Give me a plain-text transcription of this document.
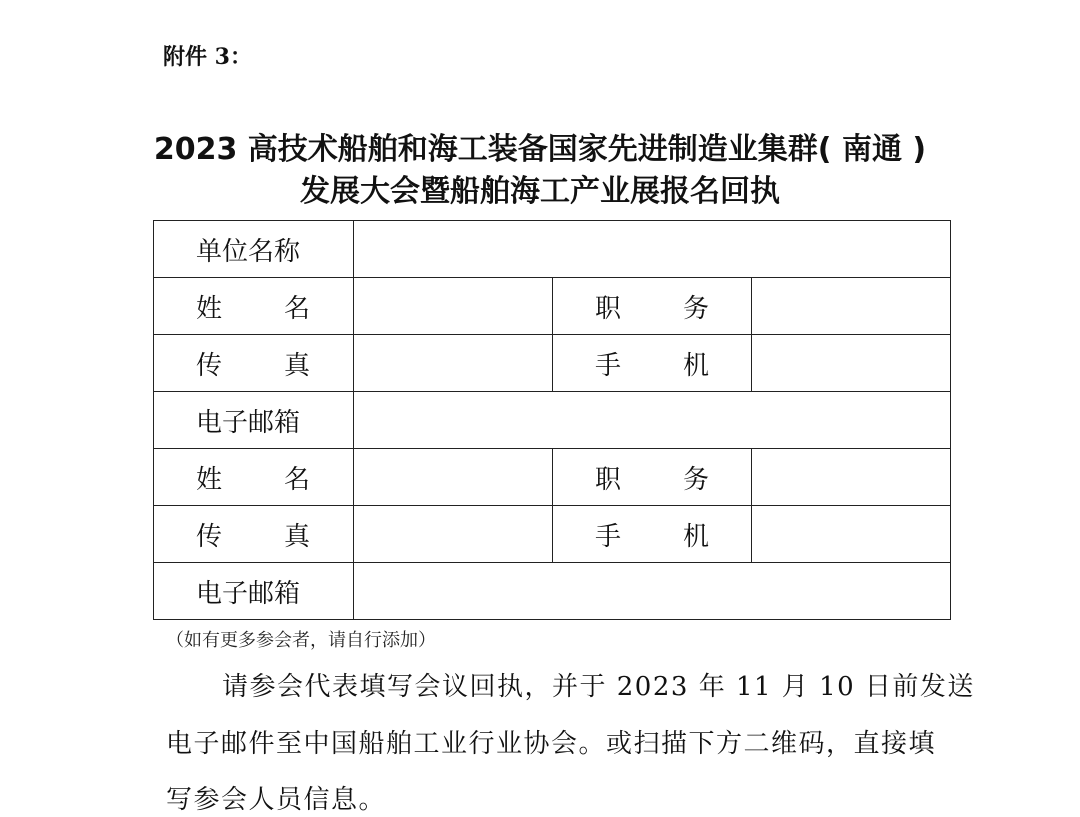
附件 3：
2023 高技术船舶和海工装备国家先进制造业集群( 南通 )
发展大会暨船舶海工产业展报名回执
单位名称			

姓 名		职 务	

传 真		手 机	

电子邮箱			

姓 名		职 务	

传 真		手 机	

电子邮箱			
（如有更多参会者，请自行添加）
请参会代表填写会议回执，并于 2023 年 11 月 10 日前发送
电子邮件至中国船舶工业行业协会。或扫描下方二维码，直接填
写参会人员信息。
